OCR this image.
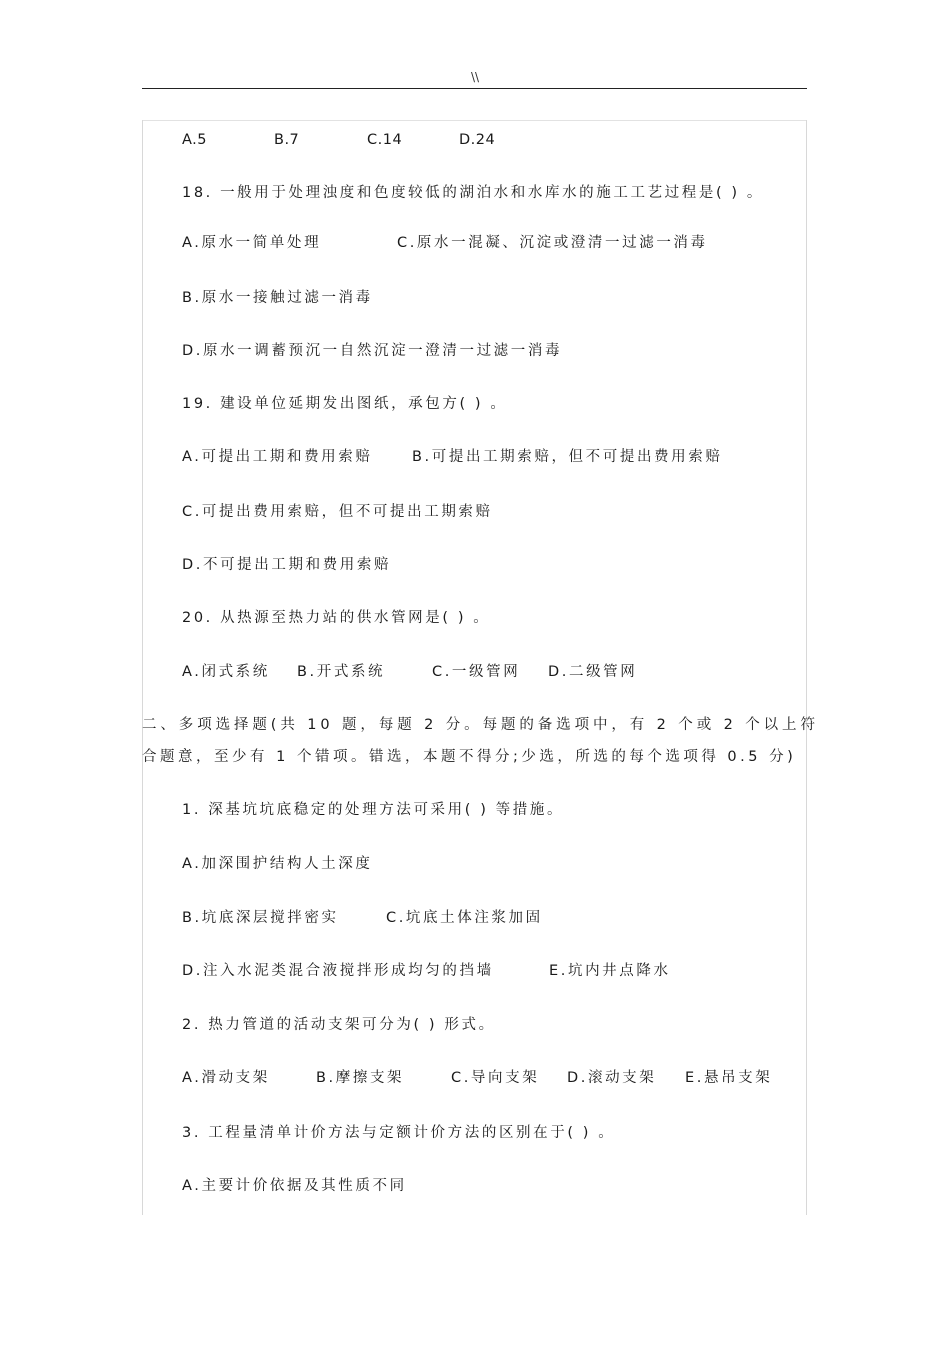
\\
A.5	B.7	C.14	D.24
18. 一般用于处理浊度和色度较低的湖泊水和水库水的施工工艺过程是( ) 。
A.原水一简单处理	C.原水一混凝、沉淀或澄清一过滤一消毒
B.原水一接触过滤一消毒
D.原水一调蓄预沉一自然沉淀一澄清一过滤一消毒
19. 建设单位延期发出图纸，承包方( ) 。
A.可提出工期和费用索赔	B.可提出工期索赔，但不可提出费用索赔
C.可提出费用索赔，但不可提出工期索赔
D.不可提出工期和费用索赔
20. 从热源至热力站的供水管网是( ) 。
A.闭式系统 B.开式系统	C.一级管网 D.二级管网
二、多项选择题(共 10 题，每题 2 分。每题的备选项中，有 2 个或 2 个以上符
合题意，至少有 1 个错项。错选，本题不得分;少选，所选的每个选项得 0.5 分)
1. 深基坑坑底稳定的处理方法可采用( ) 等措施。
A.加深围护结构人土深度
B.坑底深层搅拌密实	C.坑底土体注浆加固
D.注入水泥类混合液搅拌形成均匀的挡墙	E.坑内井点降水
2. 热力管道的活动支架可分为( ) 形式。
A.滑动支架	B.摩擦支架	C.导向支架 D.滚动支架 E.悬吊支架
3. 工程量清单计价方法与定额计价方法的区别在于( ) 。
A.主要计价依据及其性质不同
